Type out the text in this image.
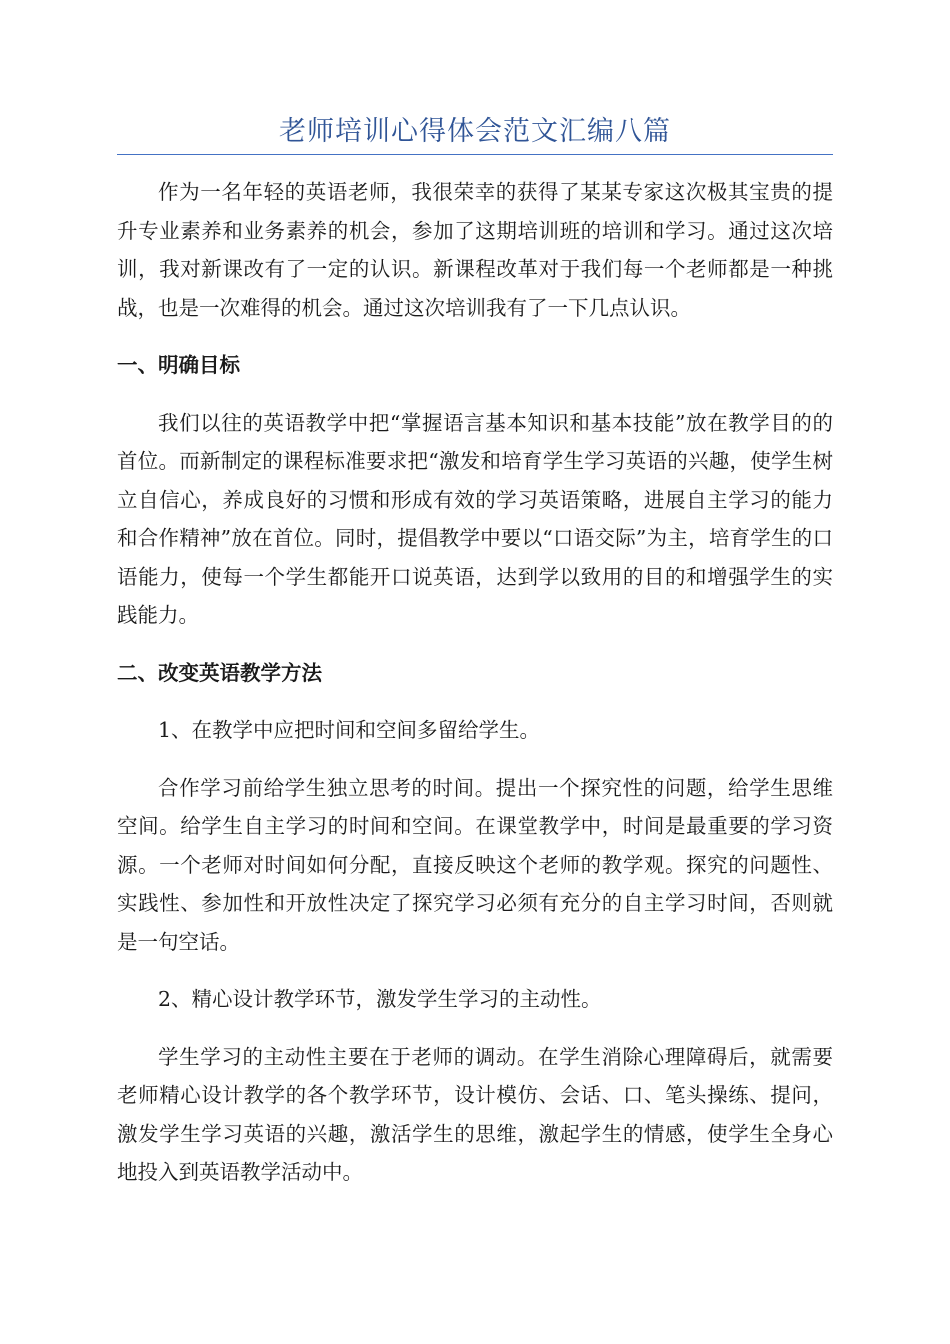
老师培训心得体会范文汇编八篇

作为一名年轻的英语老师，我很荣幸的获得了某某专家这次极其宝贵的提升专业素养和业务素养的机会，参加了这期培训班的培训和学习。通过这次培训，我对新课改有了一定的认识。新课程改革对于我们每一个老师都是一种挑战，也是一次难得的机会。通过这次培训我有了一下几点认识。

一、明确目标

我们以往的英语教学中把“掌握语言基本知识和基本技能”放在教学目的的首位。而新制定的课程标准要求把“激发和培育学生学习英语的兴趣，使学生树立自信心，养成良好的习惯和形成有效的学习英语策略，进展自主学习的能力和合作精神”放在首位。同时，提倡教学中要以“口语交际”为主，培育学生的口语能力，使每一个学生都能开口说英语，达到学以致用的目的和增强学生的实践能力。

二、改变英语教学方法

1、在教学中应把时间和空间多留给学生。

合作学习前给学生独立思考的时间。提出一个探究性的问题，给学生思维空间。给学生自主学习的时间和空间。在课堂教学中，时间是最重要的学习资源。一个老师对时间如何分配，直接反映这个老师的教学观。探究的问题性、实践性、参加性和开放性决定了探究学习必须有充分的自主学习时间，否则就是一句空话。

2、精心设计教学环节，激发学生学习的主动性。

学生学习的主动性主要在于老师的调动。在学生消除心理障碍后，就需要老师精心设计教学的各个教学环节，设计模仿、会话、口、笔头操练、提问，激发学生学习英语的兴趣，激活学生的思维，激起学生的情感，使学生全身心地投入到英语教学活动中。
